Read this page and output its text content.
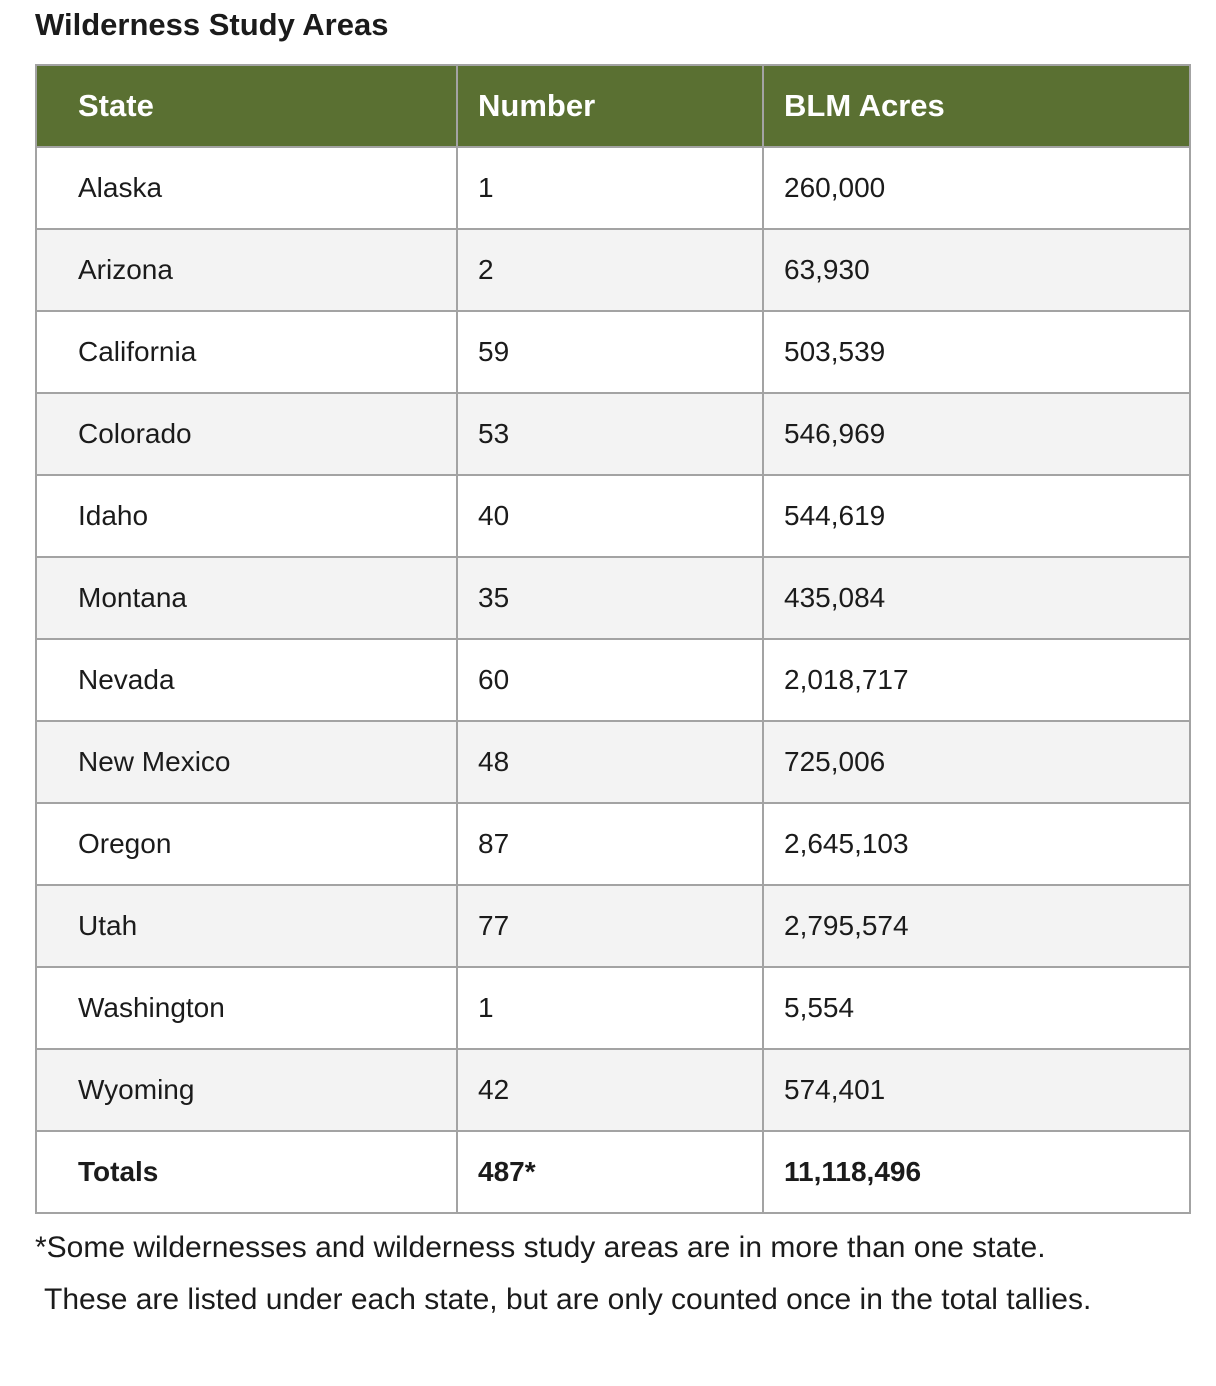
Wilderness Study Areas
State	Number	BLM Acres
Alaska	1	260,000
Arizona	2	63,930
California	59	503,539
Colorado	53	546,969
Idaho	40	544,619
Montana	35	435,084
Nevada	60	2,018,717
New Mexico	48	725,006
Oregon	87	2,645,103
Utah	77	2,795,574
Washington	1	5,554
Wyoming	42	574,401
Totals	487*	11,118,496

*Some wildernesses and wilderness study areas are in more than one state.
These are listed under each state, but are only counted once in the total tallies.
